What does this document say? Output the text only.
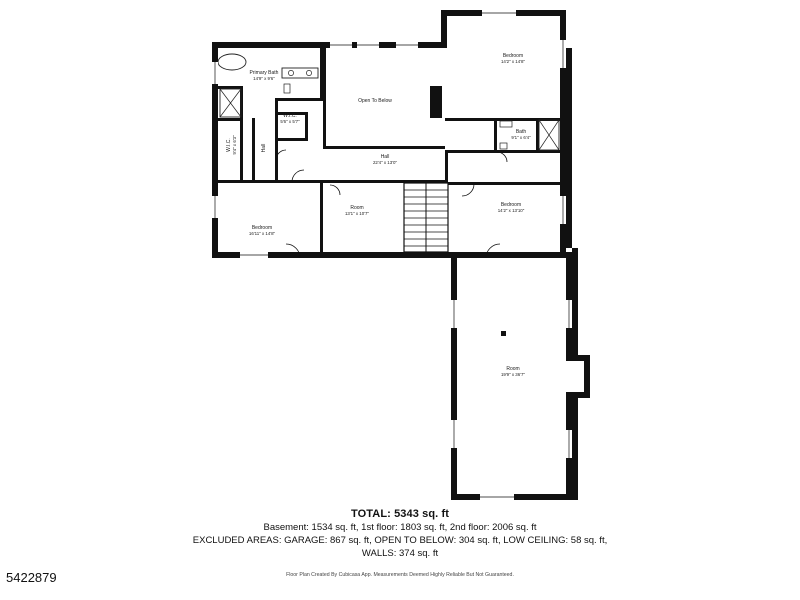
Primary Bath
14'9" x 9'6"
Open To Below
Bedroom
14'2" x 14'8"
W.I.C.
5'6" x 5'7"
Bath
9'1" x 6'4"
Hall
W.I.C. 9'4" x 6'3"
Hall
22'4" x 13'0"
Room
13'1" x 10'7"
Bedroom
14'2" x 13'10"
Bedroom
16'11" x 14'8"
Room
19'9" x 36'7"
TOTAL: 5343 sq. ft
Basement: 1534 sq. ft, 1st floor: 1803 sq. ft, 2nd floor: 2006 sq. ft
EXCLUDED AREAS: GARAGE: 867 sq. ft, OPEN TO BELOW: 304 sq. ft, LOW CEILING: 58 sq. ft,
WALLS: 374 sq. ft
Floor Plan Created By Cubicasa App. Measurements Deemed Highly Reliable But Not Guaranteed.
5422879
